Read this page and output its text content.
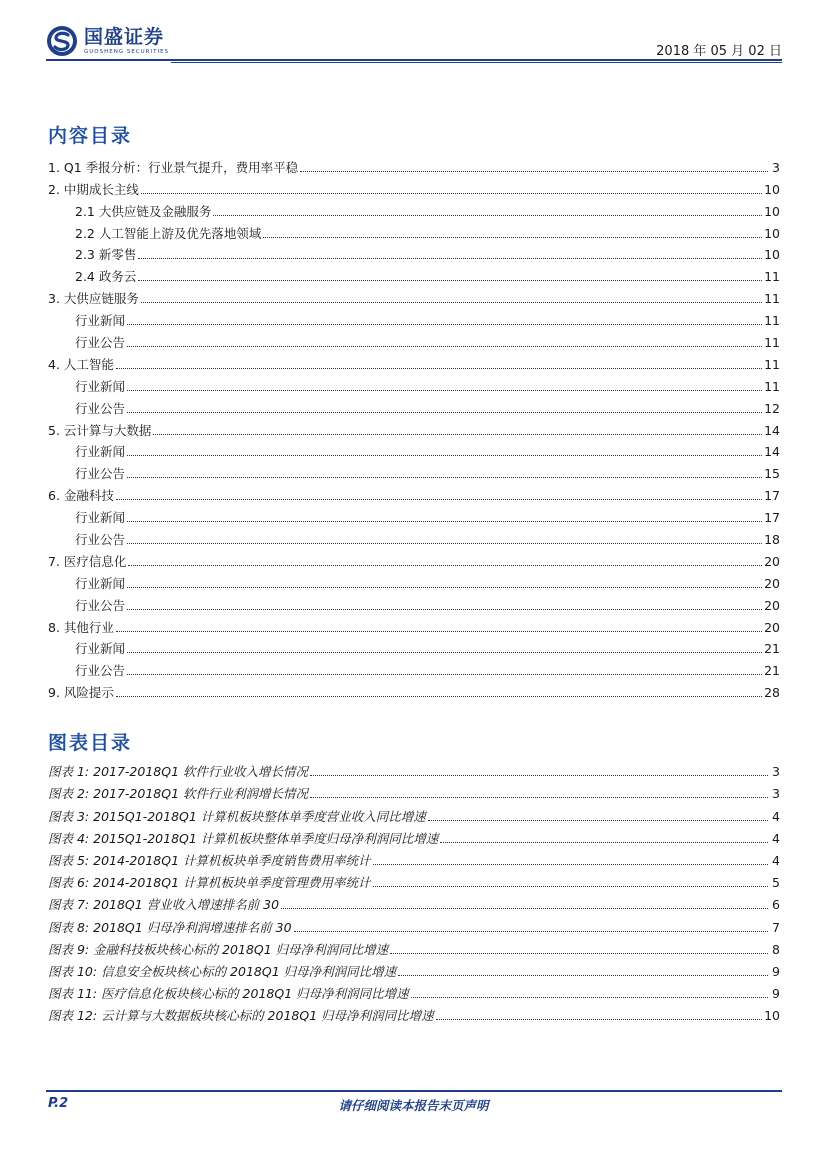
国盛证券
GUOSHENG SECURITIES	2018 年 05 月 02 日
内容目录
1. Q1 季报分析：行业景气提升，费用率平稳	3
2. 中期成长主线	10
2.1 大供应链及金融服务	10
2.2 人工智能上游及优先落地领域	10
2.3 新零售	10
2.4 政务云	11
3. 大供应链服务	11
行业新闻	11
行业公告	11
4. 人工智能	11
行业新闻	11
行业公告	12
5. 云计算与大数据	14
行业新闻	14
行业公告	15
6. 金融科技	17
行业新闻	17
行业公告	18
7. 医疗信息化	20
行业新闻	20
行业公告	20
8. 其他行业	20
行业新闻	21
行业公告	21
9. 风险提示	28
图表目录
图表 1: 2017-2018Q1 软件行业收入增长情况	3
图表 2: 2017-2018Q1 软件行业利润增长情况	3
图表 3: 2015Q1-2018Q1 计算机板块整体单季度营业收入同比增速	4
图表 4: 2015Q1-2018Q1 计算机板块整体单季度归母净利润同比增速	4
图表 5: 2014-2018Q1 计算机板块单季度销售费用率统计	4
图表 6: 2014-2018Q1 计算机板块单季度管理费用率统计	5
图表 7: 2018Q1 营业收入增速排名前 30	6
图表 8: 2018Q1 归母净利润增速排名前 30	7
图表 9: 金融科技板块核心标的 2018Q1 归母净利润同比增速	8
图表 10: 信息安全板块核心标的 2018Q1 归母净利润同比增速	9
图表 11: 医疗信息化板块核心标的 2018Q1 归母净利润同比增速	9
图表 12: 云计算与大数据板块核心标的 2018Q1 归母净利润同比增速	10
P.2	请仔细阅读本报告末页声明
